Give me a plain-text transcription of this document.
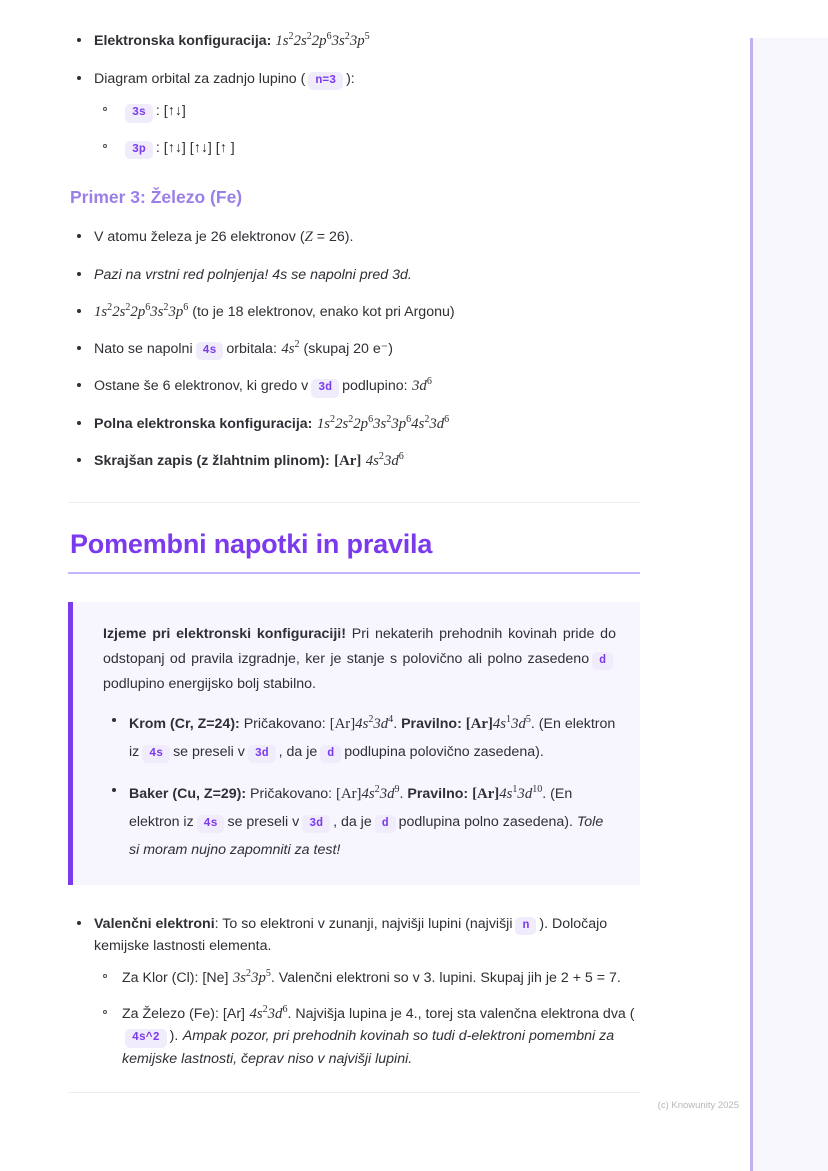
Elektronska konfiguracija: $1s^22s^22p^63s^23p^5$
Diagram orbital za zadnjo lupino ( n=3 ):
3s : [↑↓]
3p : [↑↓] [↑↓] [↑ ]
Primer 3: Železo (Fe)
V atomu železa je 26 elektronov (Z = 26).
Pazi na vrstni red polnjenja! 4s se napolni pred 3d.
$1s^22s^22p^63s^23p^6$ (to je 18 elektronov, enako kot pri Argonu)
Nato se napolni 4s orbitala: $4s^2$ (skupaj 20 e⁻)
Ostane še 6 elektronov, ki gredo v 3d podlupino: $3d^6$
Polna elektronska konfiguracija: $1s^22s^22p^63s^23p^64s^23d^6$
Skrajšan zapis (z žlahtnim plinom): [Ar] $4s^23d^6$
Pomembni napotki in pravila

Izjeme pri elektronski konfiguraciji! Pri nekaterih prehodnih kovinah pride do odstopanj od pravila izgradnje, ker je stanje s polovično ali polno zasedeno dpodlupino energijsko bolj stabilno.

Krom (Cr, Z=24): Pričakovano: $[Ar]4s^23d^4$. Pravilno: $[Ar]4s^13d^5$. (En elektron iz 4s se preseli v 3d , da je d podlupina polovično zasedena).
Baker (Cu, Z=29): Pričakovano: $[Ar]4s^23d^9$. Pravilno: $[Ar]4s^13d^{10}$. (En elektron iz 4s se preseli v 3d , da je d podlupina polno zasedena). Tole si moram nujno zapomniti za test!
Valenčni elektroni: To so elektroni v zunanji, najvišji lupini (najvišji n ). Določajo kemijske lastnosti elementa.
Za Klor (Cl): [Ne] $3s^23p^5$. Valenčni elektroni so v 3. lupini. Skupaj jih je 2 + 5 = 7.
Za Železo (Fe): [Ar] $4s^23d^6$. Najvišja lupina je 4., torej sta valenčna elektrona dva (4s^2 ). Ampak pozor, pri prehodnih kovinah so tudi d-elektroni pomembni za kemijske lastnosti, čeprav niso v najvišji lupini.
(c) Knowunity 2025
